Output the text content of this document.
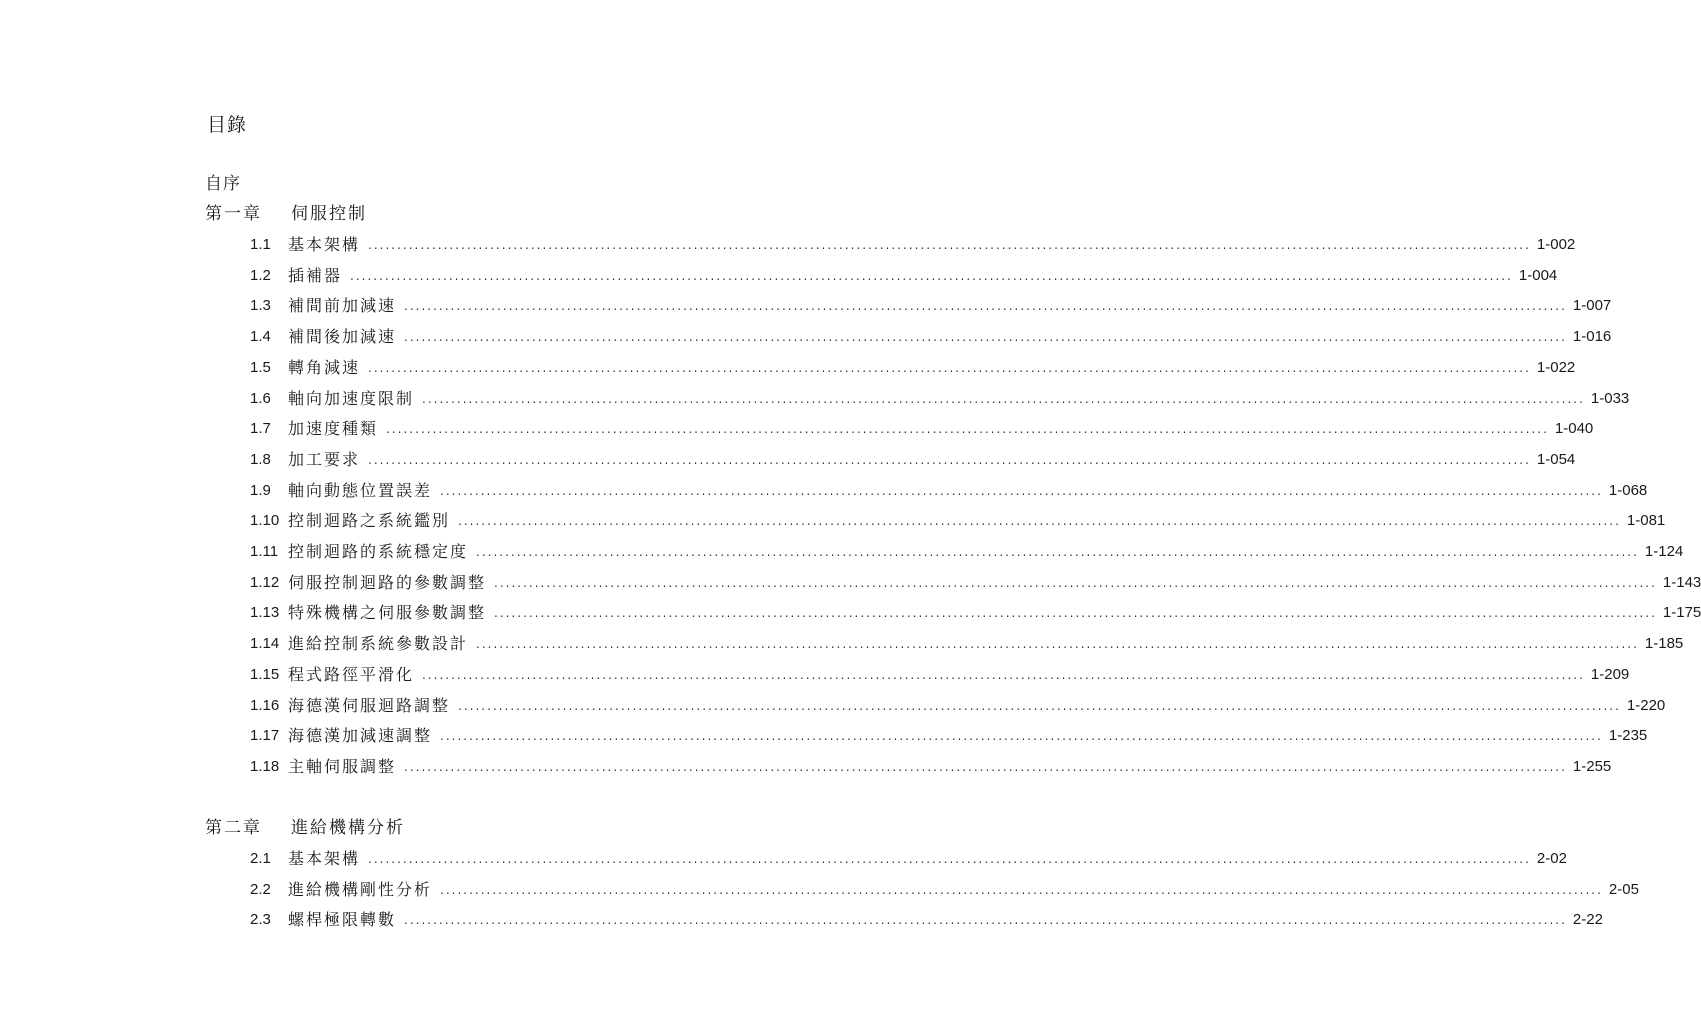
目錄
自序
第一章 伺服控制
1.1	基本架構 ........................................................................................................................................................................................................ 1-002
1.2	插補器 ........................................................................................................................................................................................................ 1-004
1.3	補間前加減速 ........................................................................................................................................................................................................ 1-007
1.4	補間後加減速 ........................................................................................................................................................................................................ 1-016
1.5	轉角減速 ........................................................................................................................................................................................................ 1-022
1.6	軸向加速度限制 ........................................................................................................................................................................................................ 1-033
1.7	加速度種類 ........................................................................................................................................................................................................ 1-040
1.8	加工要求 ........................................................................................................................................................................................................ 1-054
1.9	軸向動態位置誤差 ........................................................................................................................................................................................................ 1-068
1.10 控制迴路之系統鑑別 ........................................................................................................................................................................................................ 1-081
1.11 控制迴路的系統穩定度 ........................................................................................................................................................................................................ 1-124
1.12 伺服控制迴路的參數調整 ........................................................................................................................................................................................................ 1-143
1.13 特殊機構之伺服參數調整 ........................................................................................................................................................................................................ 1-175
1.14 進給控制系統參數設計 ........................................................................................................................................................................................................ 1-185
1.15 程式路徑平滑化 ........................................................................................................................................................................................................ 1-209
1.16 海德漢伺服迴路調整 ........................................................................................................................................................................................................ 1-220
1.17 海德漢加減速調整 ........................................................................................................................................................................................................ 1-235
1.18 主軸伺服調整 ........................................................................................................................................................................................................ 1-255
第二章 進給機構分析
2.1	基本架構 ........................................................................................................................................................................................................ 2-02
2.2	進給機構剛性分析 ........................................................................................................................................................................................................ 2-05
2.3	螺桿極限轉數 ........................................................................................................................................................................................................ 2-22
